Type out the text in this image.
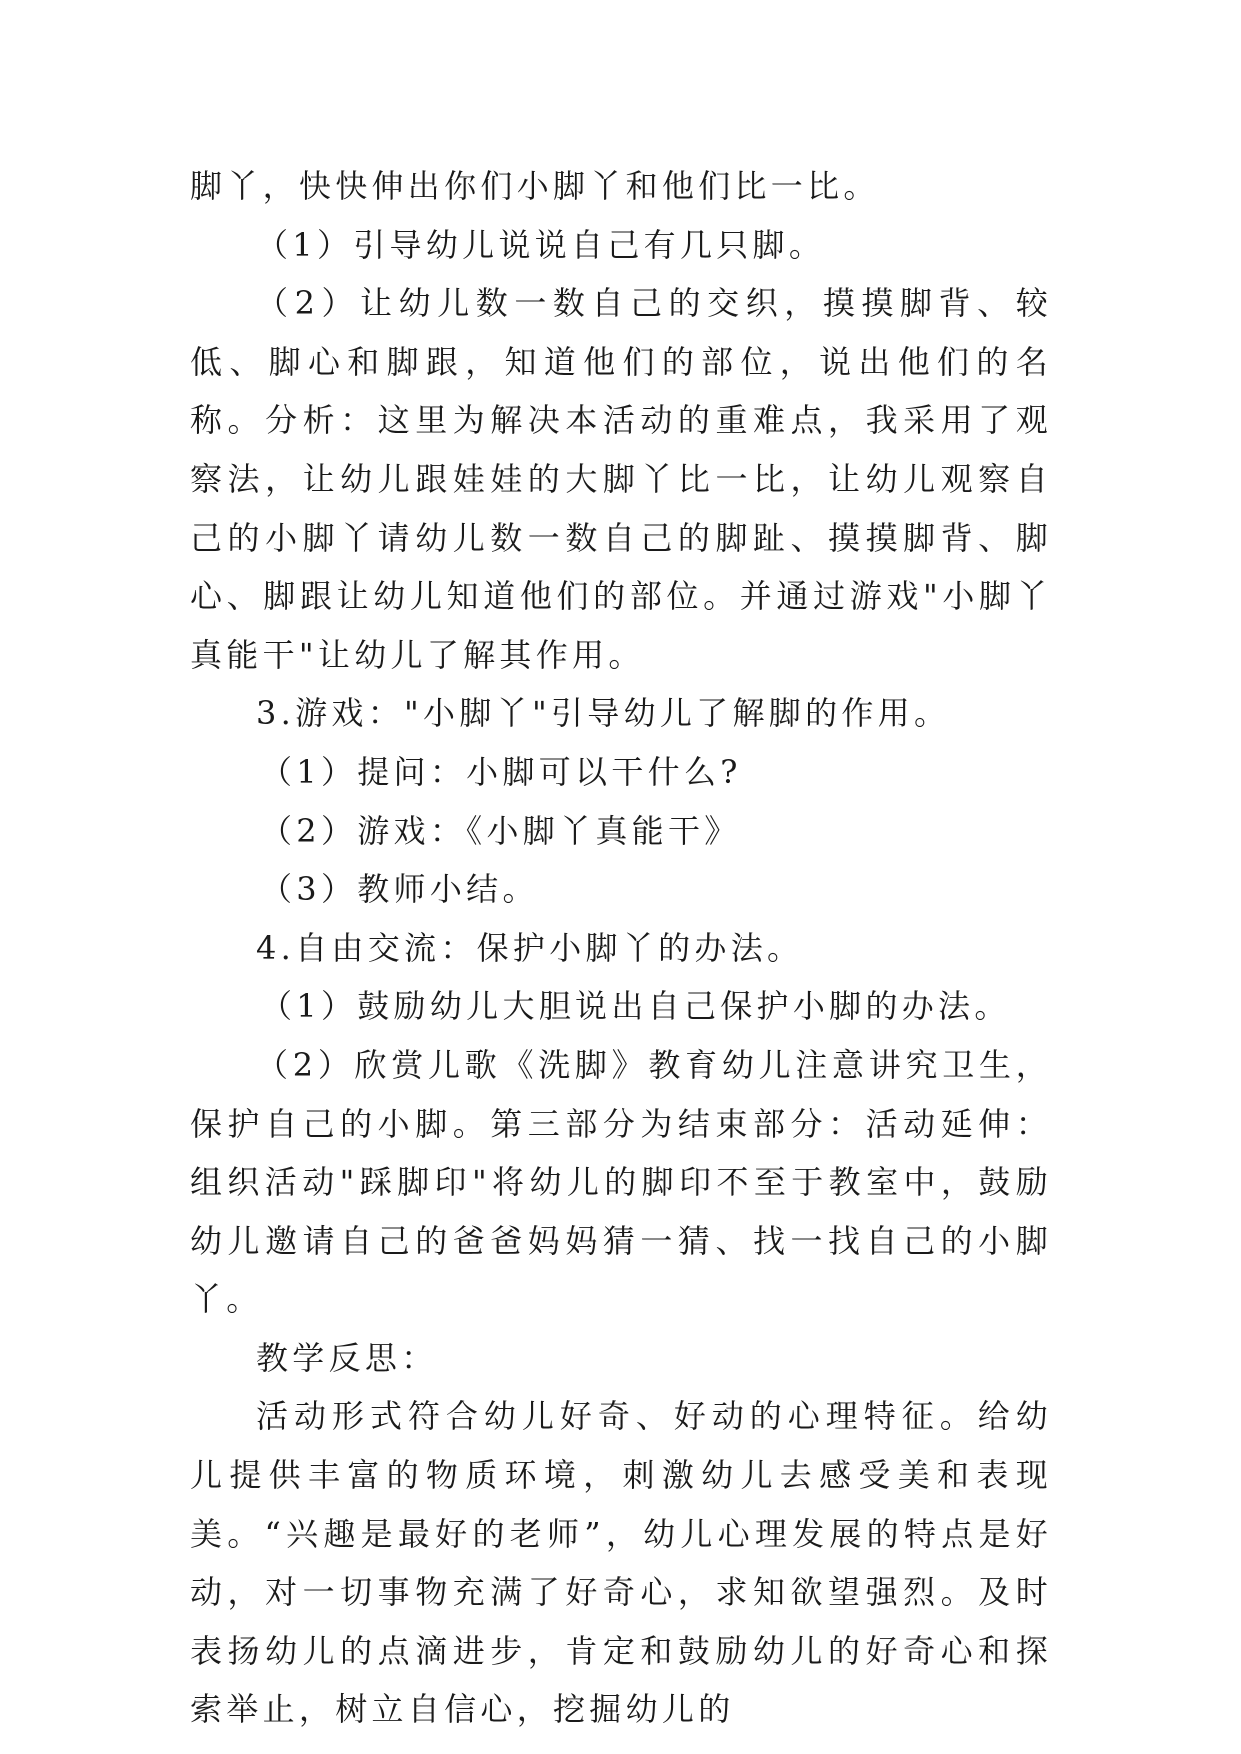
脚丫，快快伸出你们小脚丫和他们比一比。

（1）引导幼儿说说自己有几只脚。

（2）让幼儿数一数自己的交织，摸摸脚背、较低、脚心和脚跟，知道他们的部位，说出他们的名称。分析：这里为解决本活动的重难点，我采用了观察法，让幼儿跟娃娃的大脚丫比一比，让幼儿观察自己的小脚丫请幼儿数一数自己的脚趾、摸摸脚背、脚心、脚跟让幼儿知道他们的部位。并通过游戏"小脚丫真能干"让幼儿了解其作用。

3.游戏："小脚丫"引导幼儿了解脚的作用。

（1）提问：小脚可以干什么?

（2）游戏：《小脚丫真能干》

（3）教师小结。

4.自由交流：保护小脚丫的办法。

（1）鼓励幼儿大胆说出自己保护小脚的办法。

（2）欣赏儿歌《洗脚》教育幼儿注意讲究卫生，保护自己的小脚。第三部分为结束部分：活动延伸：组织活动"踩脚印"将幼儿的脚印不至于教室中，鼓励幼儿邀请自己的爸爸妈妈猜一猜、找一找自己的小脚丫。

教学反思：

活动形式符合幼儿好奇、好动的心理特征。给幼儿提供丰富的物质环境，刺激幼儿去感受美和表现美。“兴趣是最好的老师”，幼儿心理发展的特点是好动，对一切事物充满了好奇心，求知欲望强烈。及时表扬幼儿的点滴进步，肯定和鼓励幼儿的好奇心和探索举止，树立自信心，挖掘幼儿的
